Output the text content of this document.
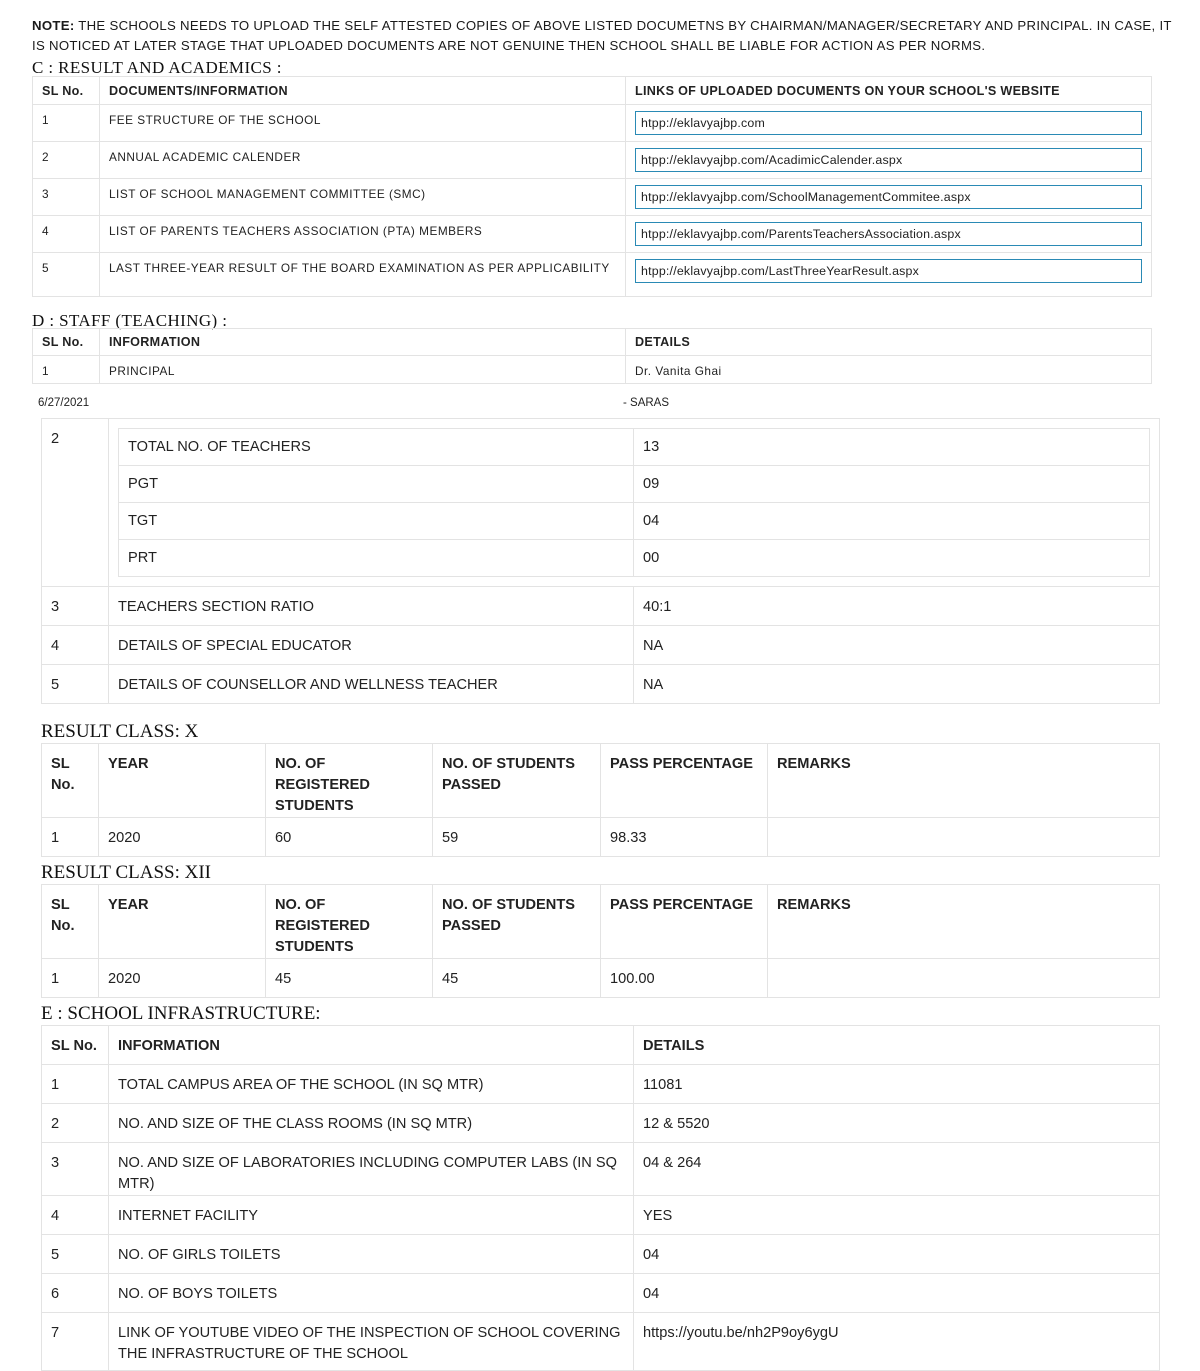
NOTE: THE SCHOOLS NEEDS TO UPLOAD THE SELF ATTESTED COPIES OF ABOVE LISTED DOCUMETNS BY CHAIRMAN/MANAGER/SECRETARY AND PRINCIPAL. IN CASE, IT IS NOTICED AT LATER STAGE THAT UPLOADED DOCUMENTS ARE NOT GENUINE THEN SCHOOL SHALL BE LIABLE FOR ACTION AS PER NORMS.
C : RESULT AND ACADEMICS :
SL No.	DOCUMENTS/INFORMATION	LINKS OF UPLOADED DOCUMENTS ON YOUR SCHOOL'S WEBSITE
1	FEE STRUCTURE OF THE SCHOOL	htpp://eklavyajbp.com

2	ANNUAL ACADEMIC CALENDER	htpp://eklavyajbp.com/AcadimicCalender.aspx

3	LIST OF SCHOOL MANAGEMENT COMMITTEE (SMC)	htpp://eklavyajbp.com/SchoolManagementCommitee.aspx

4	LIST OF PARENTS TEACHERS ASSOCIATION (PTA) MEMBERS	htpp://eklavyajbp.com/ParentsTeachersAssociation.aspx

5	LAST THREE-YEAR RESULT OF THE BOARD EXAMINATION AS PER APPLICABILITY	htpp://eklavyajbp.com/LastThreeYearResult.aspx
D : STAFF (TEACHING) :
SL No.	INFORMATION	DETAILS
1	PRINCIPAL	Dr. Vanita Ghai
6/27/2021	- SARAS
2		TOTAL NO. OF TEACHERS	13
PGT	09
TGT	04
PRT	00

3	TEACHERS SECTION RATIO	40:1
4	DETAILS OF SPECIAL EDUCATOR	NA
5	DETAILS OF COUNSELLOR AND WELLNESS TEACHER	NA
RESULT CLASS: X
SL No.	YEAR	NO. OF REGISTERED STUDENTS	NO. OF STUDENTS PASSED	PASS PERCENTAGE	REMARKS
1	2020	60	59	98.33	
RESULT CLASS: XII
SL No.	YEAR	NO. OF REGISTERED STUDENTS	NO. OF STUDENTS PASSED	PASS PERCENTAGE	REMARKS
1	2020	45	45	100.00	
E : SCHOOL INFRASTRUCTURE:
SL No.	INFORMATION	DETAILS
1	TOTAL CAMPUS AREA OF THE SCHOOL (IN SQ MTR)	11081
2	NO. AND SIZE OF THE CLASS ROOMS (IN SQ MTR)	12 & 5520
3	NO. AND SIZE OF LABORATORIES INCLUDING COMPUTER LABS (IN SQ MTR)	04 & 264
4	INTERNET FACILITY	YES
5	NO. OF GIRLS TOILETS	04
6	NO. OF BOYS TOILETS	04
7	LINK OF YOUTUBE VIDEO OF THE INSPECTION OF SCHOOL COVERING THE INFRASTRUCTURE OF THE SCHOOL	https://youtu.be/nh2P9oy6ygU
